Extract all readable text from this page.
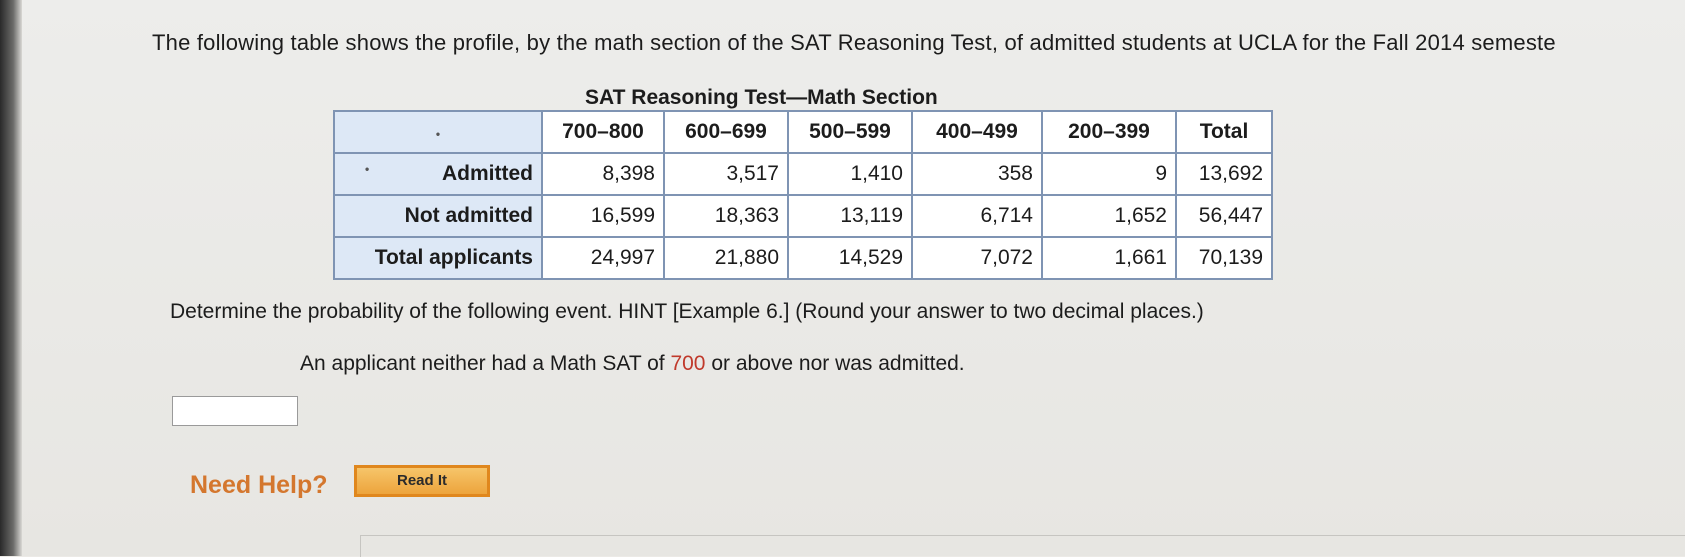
The following table shows the profile, by the math section of the SAT Reasoning Test, of admitted students at UCLA for the Fall 2014 semeste
SAT Reasoning Test—Math Section
•	700–800	600–699	500–599	400–499	200–399	Total

• Admitted	8,398	3,517	1,410	358	9	13,692
Not admitted	16,599	18,363	13,119	6,714	1,652	56,447
Total applicants	24,997	21,880	14,529	7,072	1,661	70,139
Determine the probability of the following event. HINT [Example 6.] (Round your answer to two decimal places.)
An applicant neither had a Math SAT of 700 or above nor was admitted.
Need Help?	Read It
